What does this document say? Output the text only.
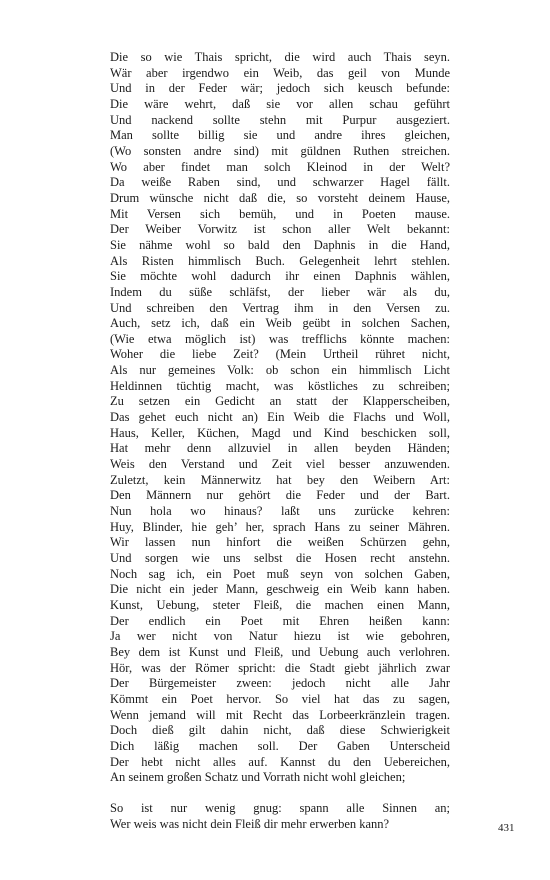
Die so wie Thais spricht, die wird auch Thais seyn.
Wär aber irgendwo ein Weib, das geil von Munde
Und in der Feder wär; jedoch sich keusch befunde:
Die wäre wehrt, daß sie vor allen schau geführt
Und nackend sollte stehn mit Purpur ausgeziert.
Man sollte billig sie und andre ihres gleichen,
(Wo sonsten andre sind) mit güldnen Ruthen streichen.
Wo aber findet man solch Kleinod in der Welt?
Da weiße Raben sind, und schwarzer Hagel fällt.
Drum wünsche nicht daß die, so vorsteht deinem Hause,
Mit Versen sich bemüh, und in Poeten mause.
Der Weiber Vorwitz ist schon aller Welt bekannt:
Sie nähme wohl so bald den Daphnis in die Hand,
Als Risten himmlisch Buch. Gelegenheit lehrt stehlen.
Sie möchte wohl dadurch ihr einen Daphnis wählen,
Indem du süße schläfst, der lieber wär als du,
Und schreiben den Vertrag ihm in den Versen zu.
Auch, setz ich, daß ein Weib geübt in solchen Sachen,
(Wie etwa möglich ist) was trefflichs könnte machen:
Woher die liebe Zeit? (Mein Urtheil rühret nicht,
Als nur gemeines Volk: ob schon ein himmlisch Licht
Heldinnen tüchtig macht, was köstliches zu schreiben;
Zu setzen ein Gedicht an statt der Klapperscheiben,
Das gehet euch nicht an) Ein Weib die Flachs und Woll,
Haus, Keller, Küchen, Magd und Kind beschicken soll,
Hat mehr denn allzuviel in allen beyden Händen;
Weis den Verstand und Zeit viel besser anzuwenden.
Zuletzt, kein Männerwitz hat bey den Weibern Art:
Den Männern nur gehört die Feder und der Bart.
Nun hola wo hinaus? laßt uns zurücke kehren:
Huy, Blinder, hie geh’ her, sprach Hans zu seiner Mähren.
Wir lassen nun hinfort die weißen Schürzen gehn,
Und sorgen wie uns selbst die Hosen recht anstehn.
Noch sag ich, ein Poet muß seyn von solchen Gaben,
Die nicht ein jeder Mann, geschweig ein Weib kann haben.
Kunst, Uebung, steter Fleiß, die machen einen Mann,
Der endlich ein Poet mit Ehren heißen kann:
Ja wer nicht von Natur hiezu ist wie gebohren,
Bey dem ist Kunst und Fleiß, und Uebung auch verlohren.
Hör, was der Römer spricht: die Stadt giebt jährlich zwar
Der Bürgemeister zween: jedoch nicht alle Jahr
Kömmt ein Poet hervor. So viel hat das zu sagen,
Wenn jemand will mit Recht das Lorbeerkränzlein tragen.
Doch dieß gilt dahin nicht, daß diese Schwierigkeit
Dich läßig machen soll. Der Gaben Unterscheid
Der hebt nicht alles auf. Kannst du den Uebereichen,
An seinem großen Schatz und Vorrath nicht wohl gleichen;
So ist nur wenig gnug: spann alle Sinnen an;
Wer weis was nicht dein Fleiß dir mehr erwerben kann?	431
